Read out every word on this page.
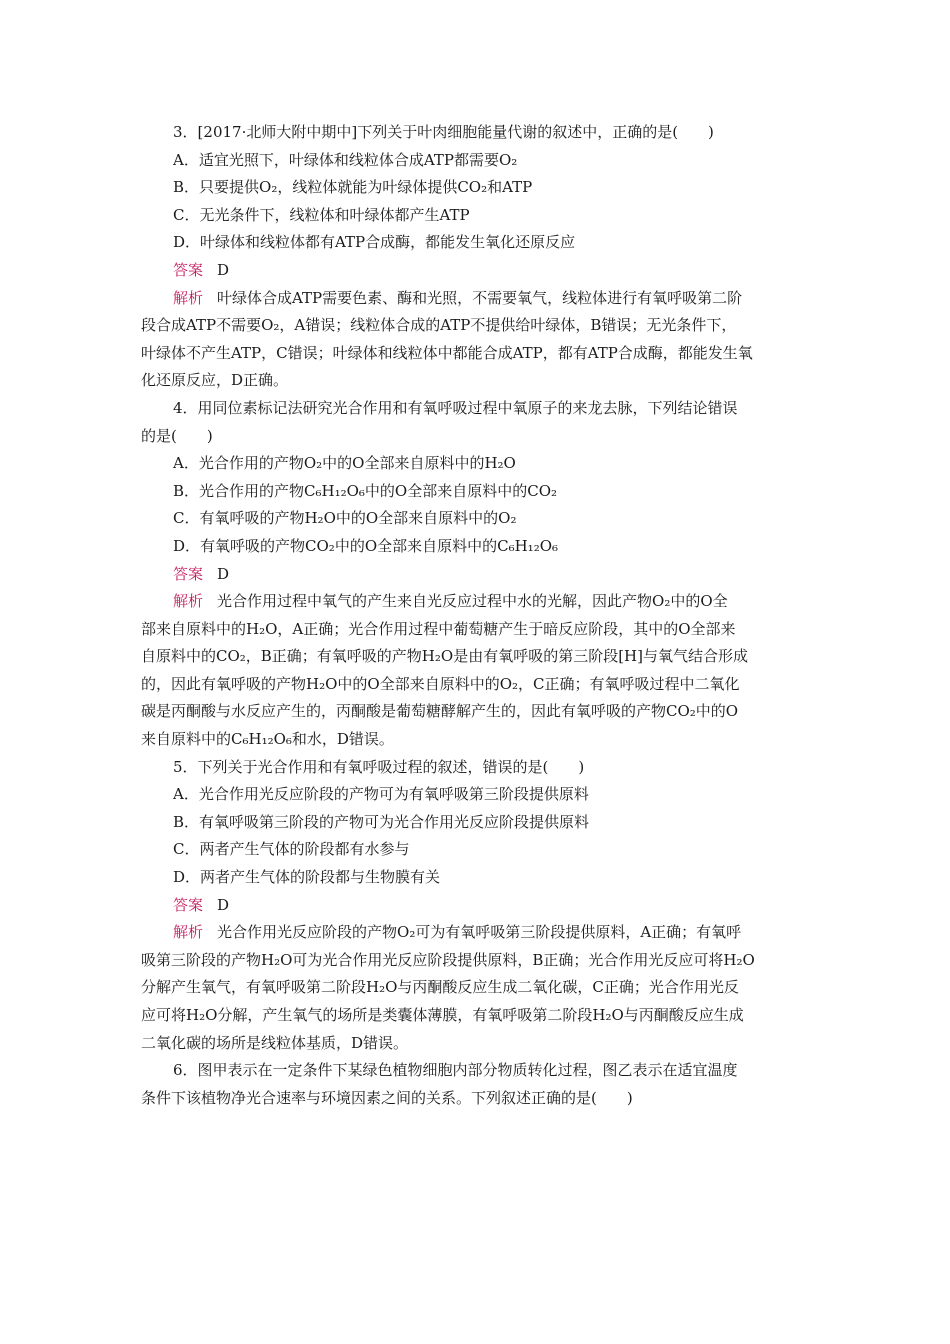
3．[2017·北师大附中期中]下列关于叶肉细胞能量代谢的叙述中，正确的是(　　)
A．适宜光照下，叶绿体和线粒体合成ATP都需要O₂
B．只要提供O₂，线粒体就能为叶绿体提供CO₂和ATP
C．无光条件下，线粒体和叶绿体都产生ATP
D．叶绿体和线粒体都有ATP合成酶，都能发生氧化还原反应
答案 D
解析 叶绿体合成ATP需要色素、酶和光照，不需要氧气，线粒体进行有氧呼吸第二阶
段合成ATP不需要O₂，A错误；线粒体合成的ATP不提供给叶绿体，B错误；无光条件下，
叶绿体不产生ATP，C错误；叶绿体和线粒体中都能合成ATP，都有ATP合成酶，都能发生氧
化还原反应，D正确。
4．用同位素标记法研究光合作用和有氧呼吸过程中氧原子的来龙去脉，下列结论错误
的是(　　)
A．光合作用的产物O₂中的O全部来自原料中的H₂O
B．光合作用的产物C₆H₁₂O₆中的O全部来自原料中的CO₂
C．有氧呼吸的产物H₂O中的O全部来自原料中的O₂
D．有氧呼吸的产物CO₂中的O全部来自原料中的C₆H₁₂O₆
答案 D
解析 光合作用过程中氧气的产生来自光反应过程中水的光解，因此产物O₂中的O全
部来自原料中的H₂O，A正确；光合作用过程中葡萄糖产生于暗反应阶段，其中的O全部来
自原料中的CO₂，B正确；有氧呼吸的产物H₂O是由有氧呼吸的第三阶段[H]与氧气结合形成
的，因此有氧呼吸的产物H₂O中的O全部来自原料中的O₂，C正确；有氧呼吸过程中二氧化
碳是丙酮酸与水反应产生的，丙酮酸是葡萄糖酵解产生的，因此有氧呼吸的产物CO₂中的O
来自原料中的C₆H₁₂O₆和水，D错误。
5．下列关于光合作用和有氧呼吸过程的叙述，错误的是(　　)
A．光合作用光反应阶段的产物可为有氧呼吸第三阶段提供原料
B．有氧呼吸第三阶段的产物可为光合作用光反应阶段提供原料
C．两者产生气体的阶段都有水参与
D．两者产生气体的阶段都与生物膜有关
答案 D
解析 光合作用光反应阶段的产物O₂可为有氧呼吸第三阶段提供原料，A正确；有氧呼
吸第三阶段的产物H₂O可为光合作用光反应阶段提供原料，B正确；光合作用光反应可将H₂O
分解产生氧气，有氧呼吸第二阶段H₂O与丙酮酸反应生成二氧化碳，C正确；光合作用光反
应可将H₂O分解，产生氧气的场所是类囊体薄膜，有氧呼吸第二阶段H₂O与丙酮酸反应生成
二氧化碳的场所是线粒体基质，D错误。
6．图甲表示在一定条件下某绿色植物细胞内部分物质转化过程，图乙表示在适宜温度
条件下该植物净光合速率与环境因素之间的关系。下列叙述正确的是(　　)
